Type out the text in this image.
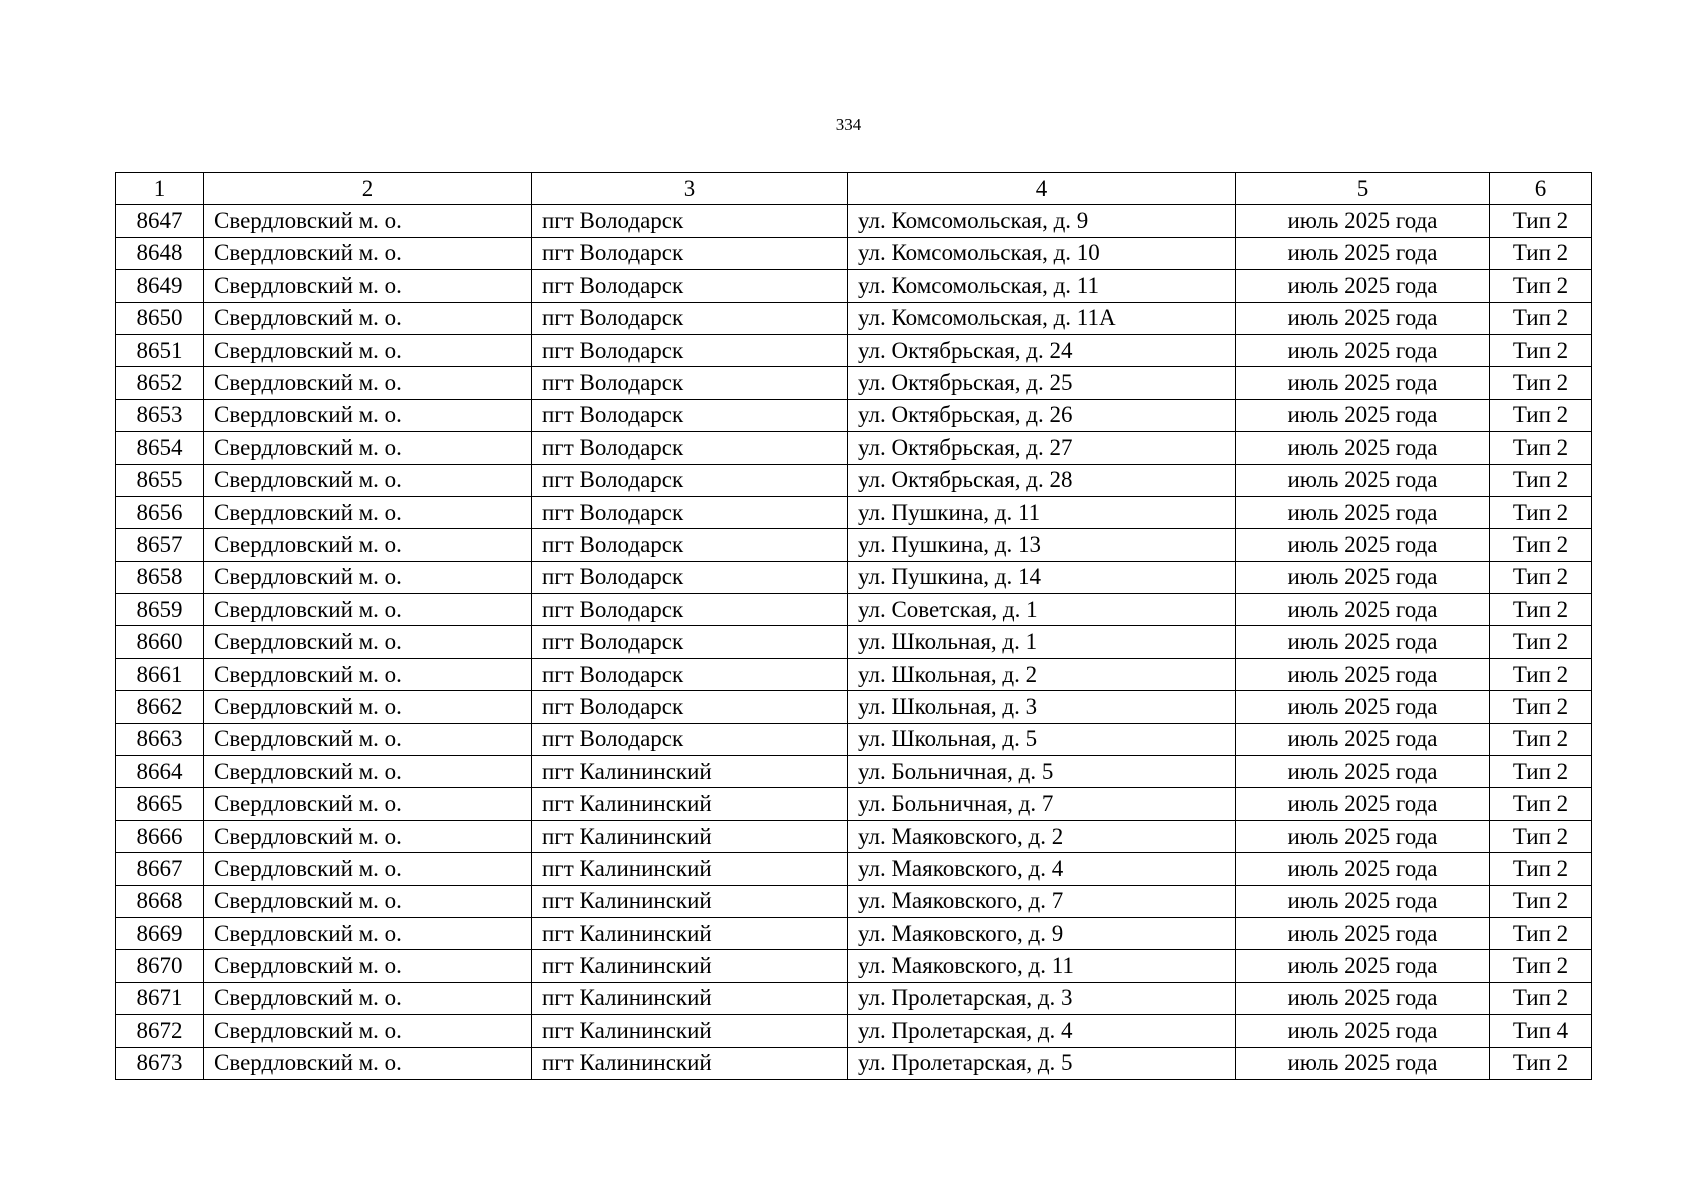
334
1	2	3	4	5	6
8647	Свердловский м. о.	пгт Володарск	ул. Комсомольская, д. 9	июль 2025 года	Тип 2
8648	Свердловский м. о.	пгт Володарск	ул. Комсомольская, д. 10	июль 2025 года	Тип 2
8649	Свердловский м. о.	пгт Володарск	ул. Комсомольская, д. 11	июль 2025 года	Тип 2
8650	Свердловский м. о.	пгт Володарск	ул. Комсомольская, д. 11А	июль 2025 года	Тип 2
8651	Свердловский м. о.	пгт Володарск	ул. Октябрьская, д. 24	июль 2025 года	Тип 2
8652	Свердловский м. о.	пгт Володарск	ул. Октябрьская, д. 25	июль 2025 года	Тип 2
8653	Свердловский м. о.	пгт Володарск	ул. Октябрьская, д. 26	июль 2025 года	Тип 2
8654	Свердловский м. о.	пгт Володарск	ул. Октябрьская, д. 27	июль 2025 года	Тип 2
8655	Свердловский м. о.	пгт Володарск	ул. Октябрьская, д. 28	июль 2025 года	Тип 2
8656	Свердловский м. о.	пгт Володарск	ул. Пушкина, д. 11	июль 2025 года	Тип 2
8657	Свердловский м. о.	пгт Володарск	ул. Пушкина, д. 13	июль 2025 года	Тип 2
8658	Свердловский м. о.	пгт Володарск	ул. Пушкина, д. 14	июль 2025 года	Тип 2
8659	Свердловский м. о.	пгт Володарск	ул. Советская, д. 1	июль 2025 года	Тип 2
8660	Свердловский м. о.	пгт Володарск	ул. Школьная, д. 1	июль 2025 года	Тип 2
8661	Свердловский м. о.	пгт Володарск	ул. Школьная, д. 2	июль 2025 года	Тип 2
8662	Свердловский м. о.	пгт Володарск	ул. Школьная, д. 3	июль 2025 года	Тип 2
8663	Свердловский м. о.	пгт Володарск	ул. Школьная, д. 5	июль 2025 года	Тип 2
8664	Свердловский м. о.	пгт Калининский	ул. Больничная, д. 5	июль 2025 года	Тип 2
8665	Свердловский м. о.	пгт Калининский	ул. Больничная, д. 7	июль 2025 года	Тип 2
8666	Свердловский м. о.	пгт Калининский	ул. Маяковского, д. 2	июль 2025 года	Тип 2
8667	Свердловский м. о.	пгт Калининский	ул. Маяковского, д. 4	июль 2025 года	Тип 2
8668	Свердловский м. о.	пгт Калининский	ул. Маяковского, д. 7	июль 2025 года	Тип 2
8669	Свердловский м. о.	пгт Калининский	ул. Маяковского, д. 9	июль 2025 года	Тип 2
8670	Свердловский м. о.	пгт Калининский	ул. Маяковского, д. 11	июль 2025 года	Тип 2
8671	Свердловский м. о.	пгт Калининский	ул. Пролетарская, д. 3	июль 2025 года	Тип 2
8672	Свердловский м. о.	пгт Калининский	ул. Пролетарская, д. 4	июль 2025 года	Тип 4
8673	Свердловский м. о.	пгт Калининский	ул. Пролетарская, д. 5	июль 2025 года	Тип 2
